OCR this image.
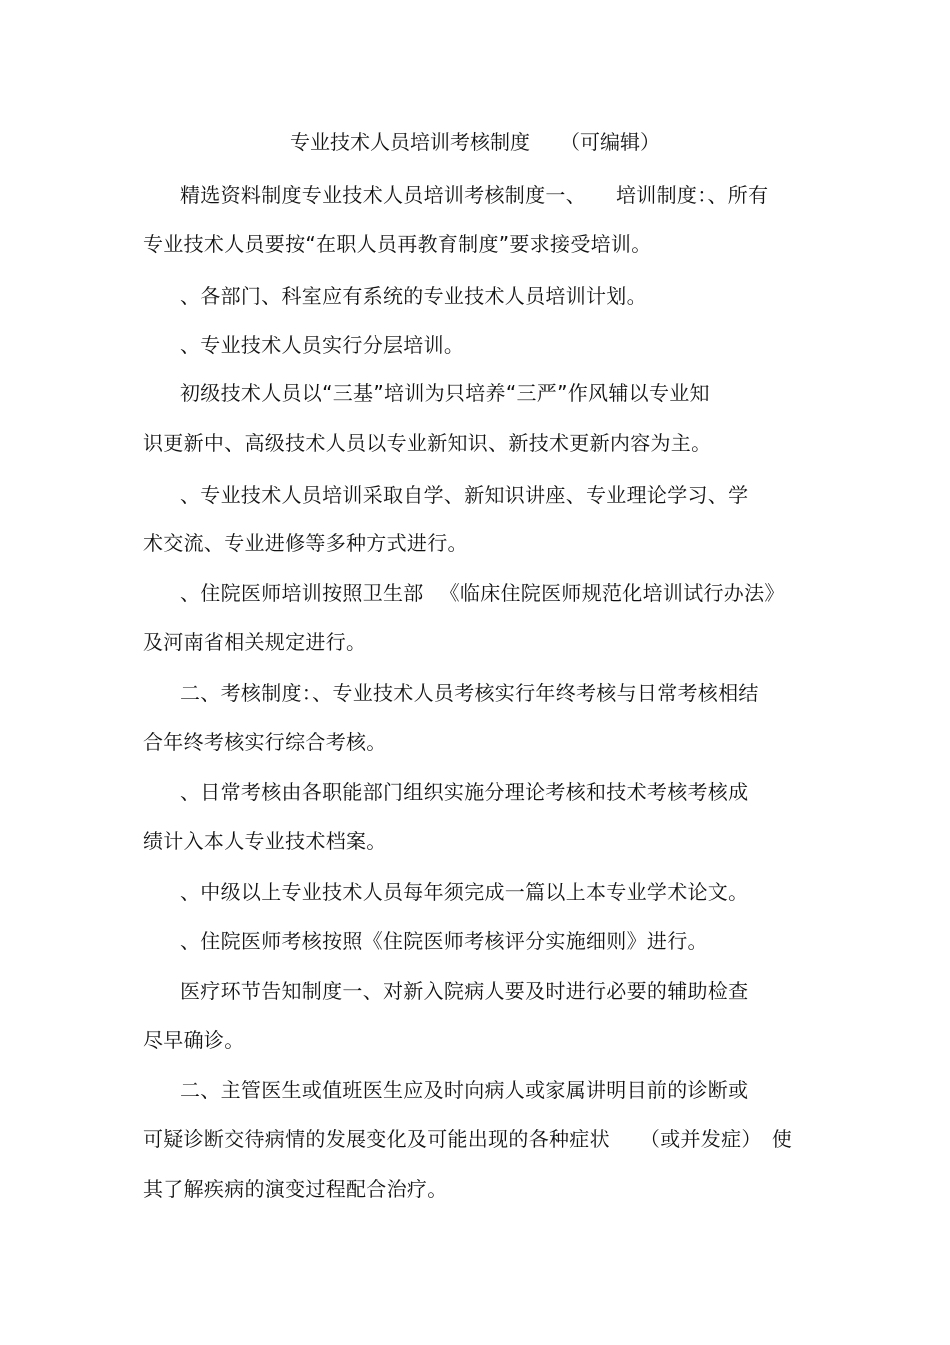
专业技术人员培训考核制度 （可编辑）
精选资料制度专业技术人员培训考核制度一、 培训制度：、所有
专业技术人员要按“在职人员再教育制度”要求接受培训。
、各部门、科室应有系统的专业技术人员培训计划。
、专业技术人员实行分层培训。
初级技术人员以“三基”培训为只培养“三严”作风辅以专业知
识更新中、高级技术人员以专业新知识、新技术更新内容为主。
、专业技术人员培训采取自学、新知识讲座、专业理论学习、学
术交流、专业进修等多种方式进行。
、住院医师培训按照卫生部 《临床住院医师规范化培训试行办法》
及河南省相关规定进行。
二、考核制度：、专业技术人员考核实行年终考核与日常考核相结
合年终考核实行综合考核。
、日常考核由各职能部门组织实施分理论考核和技术考核考核成
绩计入本人专业技术档案。
、中级以上专业技术人员每年须完成一篇以上本专业学术论文。
、住院医师考核按照《住院医师考核评分实施细则》进行。
医疗环节告知制度一、对新入院病人要及时进行必要的辅助检查
尽早确诊。
二、主管医生或值班医生应及时向病人或家属讲明目前的诊断或
可疑诊断交待病情的发展变化及可能出现的各种症状 （或并发症） 使
其了解疾病的演变过程配合治疗。
